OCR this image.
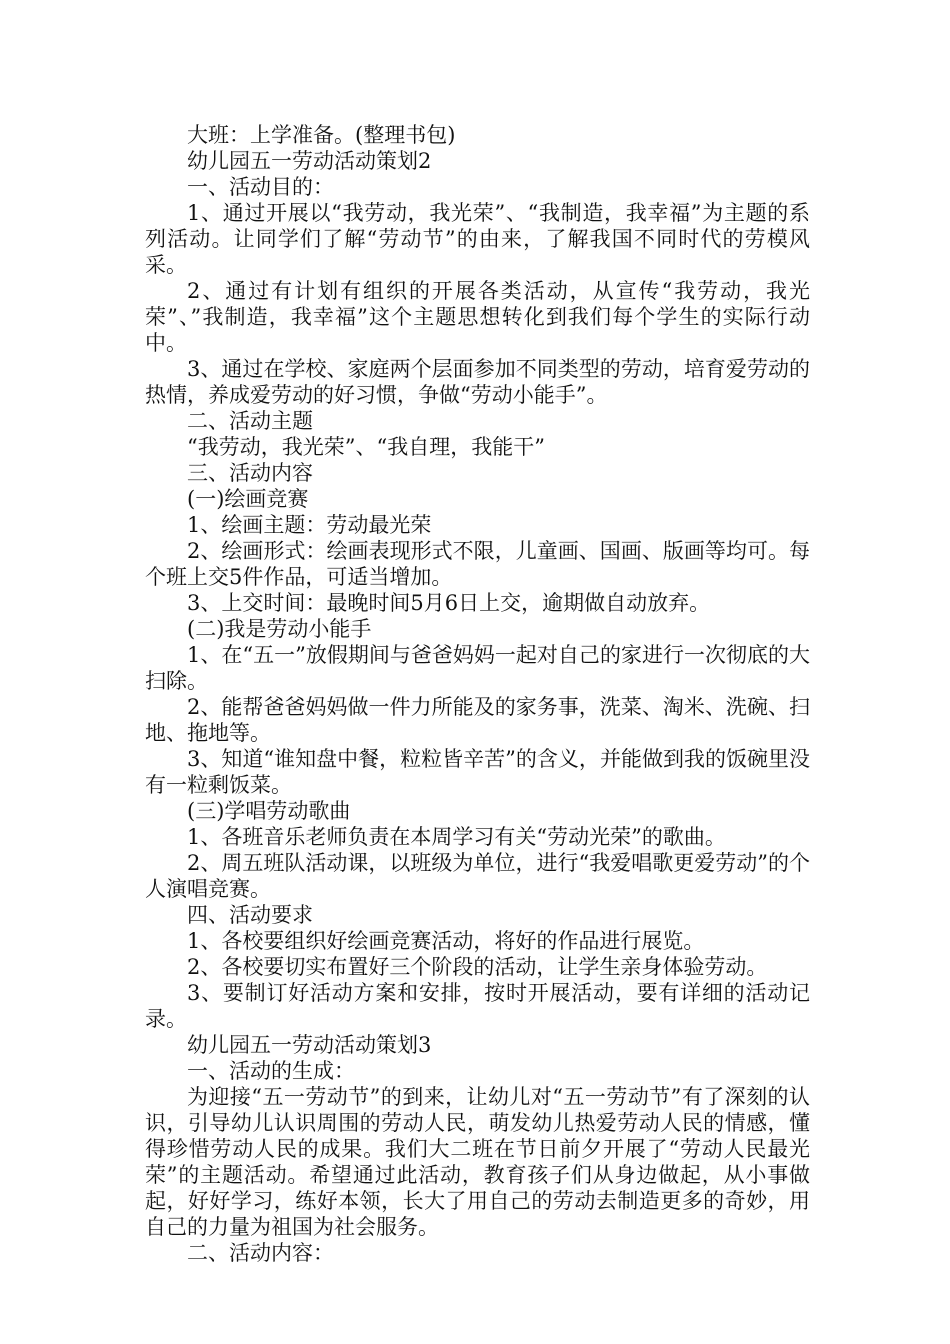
大班：上学准备。(整理书包)

幼儿园五一劳动活动策划2

一、活动目的：

1、通过开展以“我劳动，我光荣”、“我制造，我幸福”为主题的系列活动。让同学们了解“劳动节”的由来，了解我国不同时代的劳模风采。

2、通过有计划有组织的开展各类活动，从宣传“我劳动，我光荣”、”我制造，我幸福”这个主题思想转化到我们每个学生的实际行动中。

3、通过在学校、家庭两个层面参加不同类型的劳动，培育爱劳动的热情，养成爱劳动的好习惯，争做“劳动小能手”。

二、活动主题

“我劳动，我光荣”、“我自理，我能干”

三、活动内容

(一)绘画竞赛

1、绘画主题：劳动最光荣

2、绘画形式：绘画表现形式不限，儿童画、国画、版画等均可。每个班上交5件作品，可适当增加。

3、上交时间：最晚时间5月6日上交，逾期做自动放弃。

(二)我是劳动小能手

1、在“五一”放假期间与爸爸妈妈一起对自己的家进行一次彻底的大扫除。

2、能帮爸爸妈妈做一件力所能及的家务事，洗菜、淘米、洗碗、扫地、拖地等。

3、知道“谁知盘中餐，粒粒皆辛苦”的含义，并能做到我的饭碗里没有一粒剩饭菜。

(三)学唱劳动歌曲

1、各班音乐老师负责在本周学习有关“劳动光荣”的歌曲。

2、周五班队活动课，以班级为单位，进行“我爱唱歌更爱劳动”的个人演唱竞赛。

四、活动要求

1、各校要组织好绘画竞赛活动，将好的作品进行展览。

2、各校要切实布置好三个阶段的活动，让学生亲身体验劳动。

3、要制订好活动方案和安排，按时开展活动，要有详细的活动记录。

幼儿园五一劳动活动策划3

一、活动的生成：

为迎接“五一劳动节”的到来，让幼儿对“五一劳动节”有了深刻的认识，引导幼儿认识周围的劳动人民，萌发幼儿热爱劳动人民的情感，懂得珍惜劳动人民的成果。我们大二班在节日前夕开展了“劳动人民最光荣”的主题活动。希望通过此活动，教育孩子们从身边做起，从小事做起，好好学习，练好本领，长大了用自己的劳动去制造更多的奇妙，用自己的力量为祖国为社会服务。

二、活动内容：
